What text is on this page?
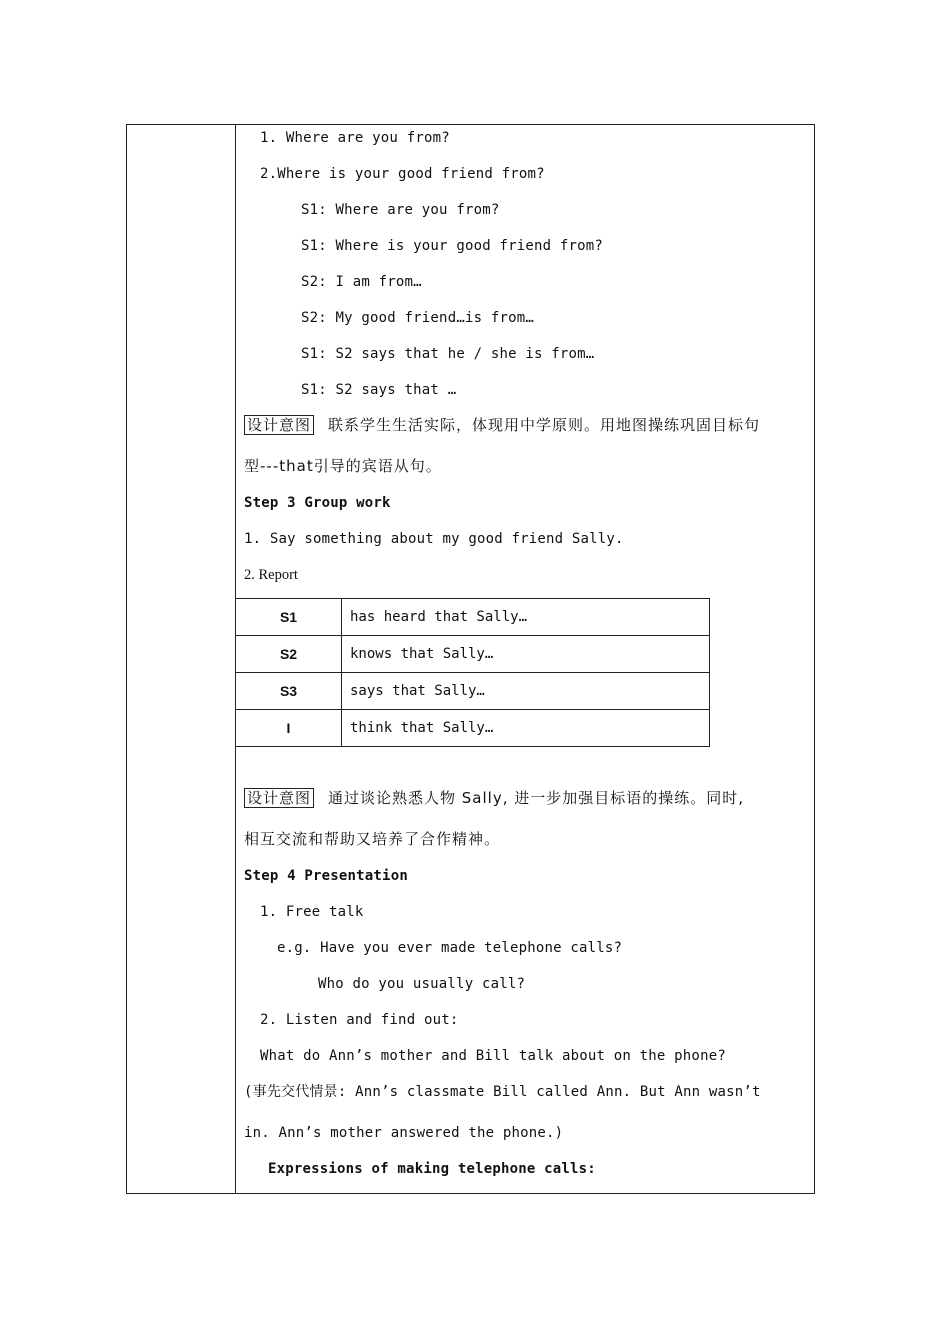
1. Where are you from?
2.Where is your good friend from?
S1: Where are you from?
S1: Where is your good friend from?
S2: I am from…
S2: My good friend…is from…
S1: S2 says that he / she is from…
S1: S2 says that …
设计意图 联系学生生活实际，体现用中学原则。用地图操练巩固目标句
型---that引导的宾语从句。
Step 3 Group work
1. Say something about my good friend Sally.
2. Report
S1	has heard that Sally…
S2	knows that Sally…
S3	says that Sally…
I	think that Sally…
设计意图 通过谈论熟悉人物 Sally, 进一步加强目标语的操练。同时,
相互交流和帮助又培养了合作精神。
Step 4 Presentation
1. Free talk
e.g. Have you ever made telephone calls?
Who do you usually call?
2. Listen and find out:
What do Ann’s mother and Bill talk about on the phone?
(事先交代情景: Ann’s classmate Bill called Ann. But Ann wasn’t
in. Ann’s mother answered the phone.)
Expressions of making telephone calls:
